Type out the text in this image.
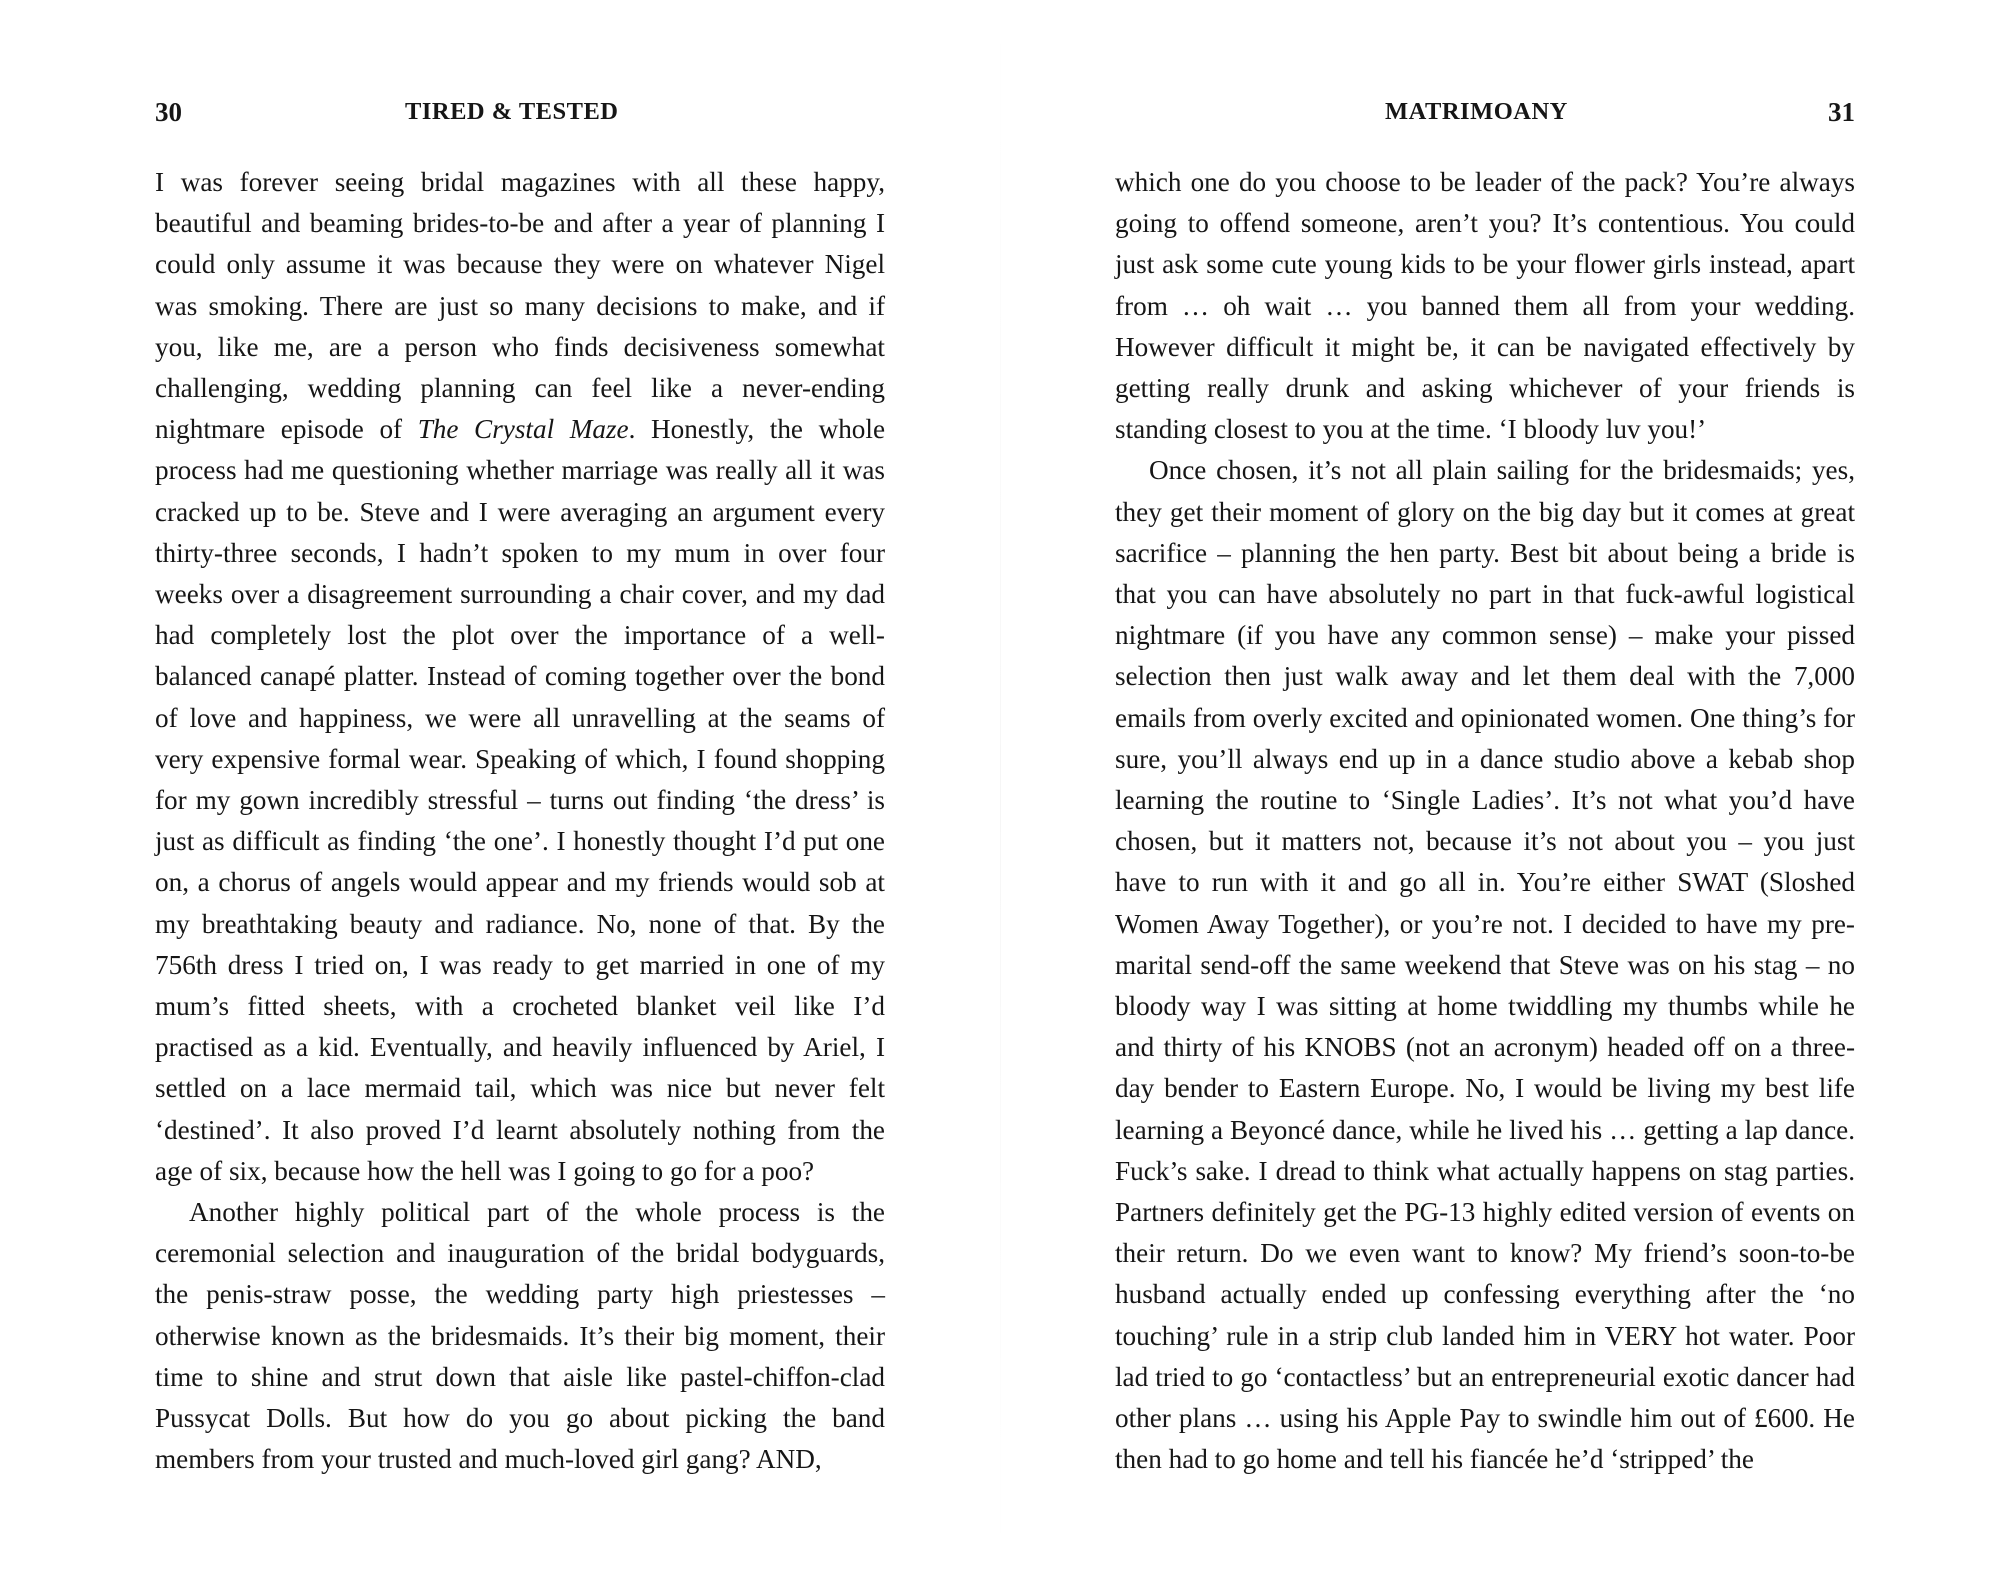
30	TIRED & TESTED

I was forever seeing bridal magazines with all these happy, beautiful and beaming brides-to-be and after a year of planning I could only assume it was because they were on whatever Nigel was smoking. There are just so many decisions to make, and if you, like me, are a person who finds decisiveness somewhat challenging, wedding planning can feel like a never-ending nightmare episode of The Crystal Maze. Honestly, the whole process had me questioning whether marriage was really all it was cracked up to be. Steve and I were averaging an argument every thirty-three seconds, I hadn’t spoken to my mum in over four weeks over a disagreement surrounding a chair cover, and my dad had completely lost the plot over the importance of a well-balanced canapé platter. Instead of coming together over the bond of love and happiness, we were all unravelling at the seams of very expensive formal wear. Speaking of which, I found shopping for my gown incredibly stressful – turns out finding ‘the dress’ is just as difficult as finding ‘the one’. I honestly thought I’d put one on, a chorus of angels would appear and my friends would sob at my breathtaking beauty and radiance. No, none of that. By the 756th dress I tried on, I was ready to get married in one of my mum’s fitted sheets, with a crocheted blanket veil like I’d practised as a kid. Eventually, and heavily influenced by Ariel, I settled on a lace mermaid tail, which was nice but never felt ‘destined’. It also proved I’d learnt absolutely nothing from the age of six, because how the hell was I going to go for a poo?

Another highly political part of the whole process is the ceremonial selection and inauguration of the bridal bodyguards, the penis-straw posse, the wedding party high priestesses – otherwise known as the bridesmaids. It’s their big moment, their time to shine and strut down that aisle like pastel-chiffon-clad Pussycat Dolls. But how do you go about picking the band members from your trusted and much-loved girl gang? AND,

MATRIMOANY	31

which one do you choose to be leader of the pack? You’re always going to offend someone, aren’t you? It’s contentious. You could just ask some cute young kids to be your flower girls instead, apart from … oh wait … you banned them all from your wedding. However difficult it might be, it can be navigated effectively by getting really drunk and asking whichever of your friends is standing closest to you at the time. ‘I bloody luv you!’

Once chosen, it’s not all plain sailing for the bridesmaids; yes, they get their moment of glory on the big day but it comes at great sacrifice – planning the hen party. Best bit about being a bride is that you can have absolutely no part in that fuck-awful logistical nightmare (if you have any common sense) – make your pissed selection then just walk away and let them deal with the 7,000 emails from overly excited and opinionated women. One thing’s for sure, you’ll always end up in a dance studio above a kebab shop learning the routine to ‘Single Ladies’. It’s not what you’d have chosen, but it matters not, because it’s not about you – you just have to run with it and go all in. You’re either SWAT (Sloshed Women Away Together), or you’re not. I decided to have my pre-marital send-off the same weekend that Steve was on his stag – no bloody way I was sitting at home twiddling my thumbs while he and thirty of his KNOBS (not an acronym) headed off on a three-day bender to Eastern Europe. No, I would be living my best life learning a Beyoncé dance, while he lived his … getting a lap dance. Fuck’s sake. I dread to think what actually happens on stag parties. Partners definitely get the PG-13 highly edited version of events on their return. Do we even want to know? My friend’s soon-to-be husband actually ended up confessing everything after the ‘no touching’ rule in a strip club landed him in VERY hot water. Poor lad tried to go ‘contactless’ but an entrepreneurial exotic dancer had other plans … using his Apple Pay to swindle him out of £600. He then had to go home and tell his fiancée he’d ‘stripped’ the
